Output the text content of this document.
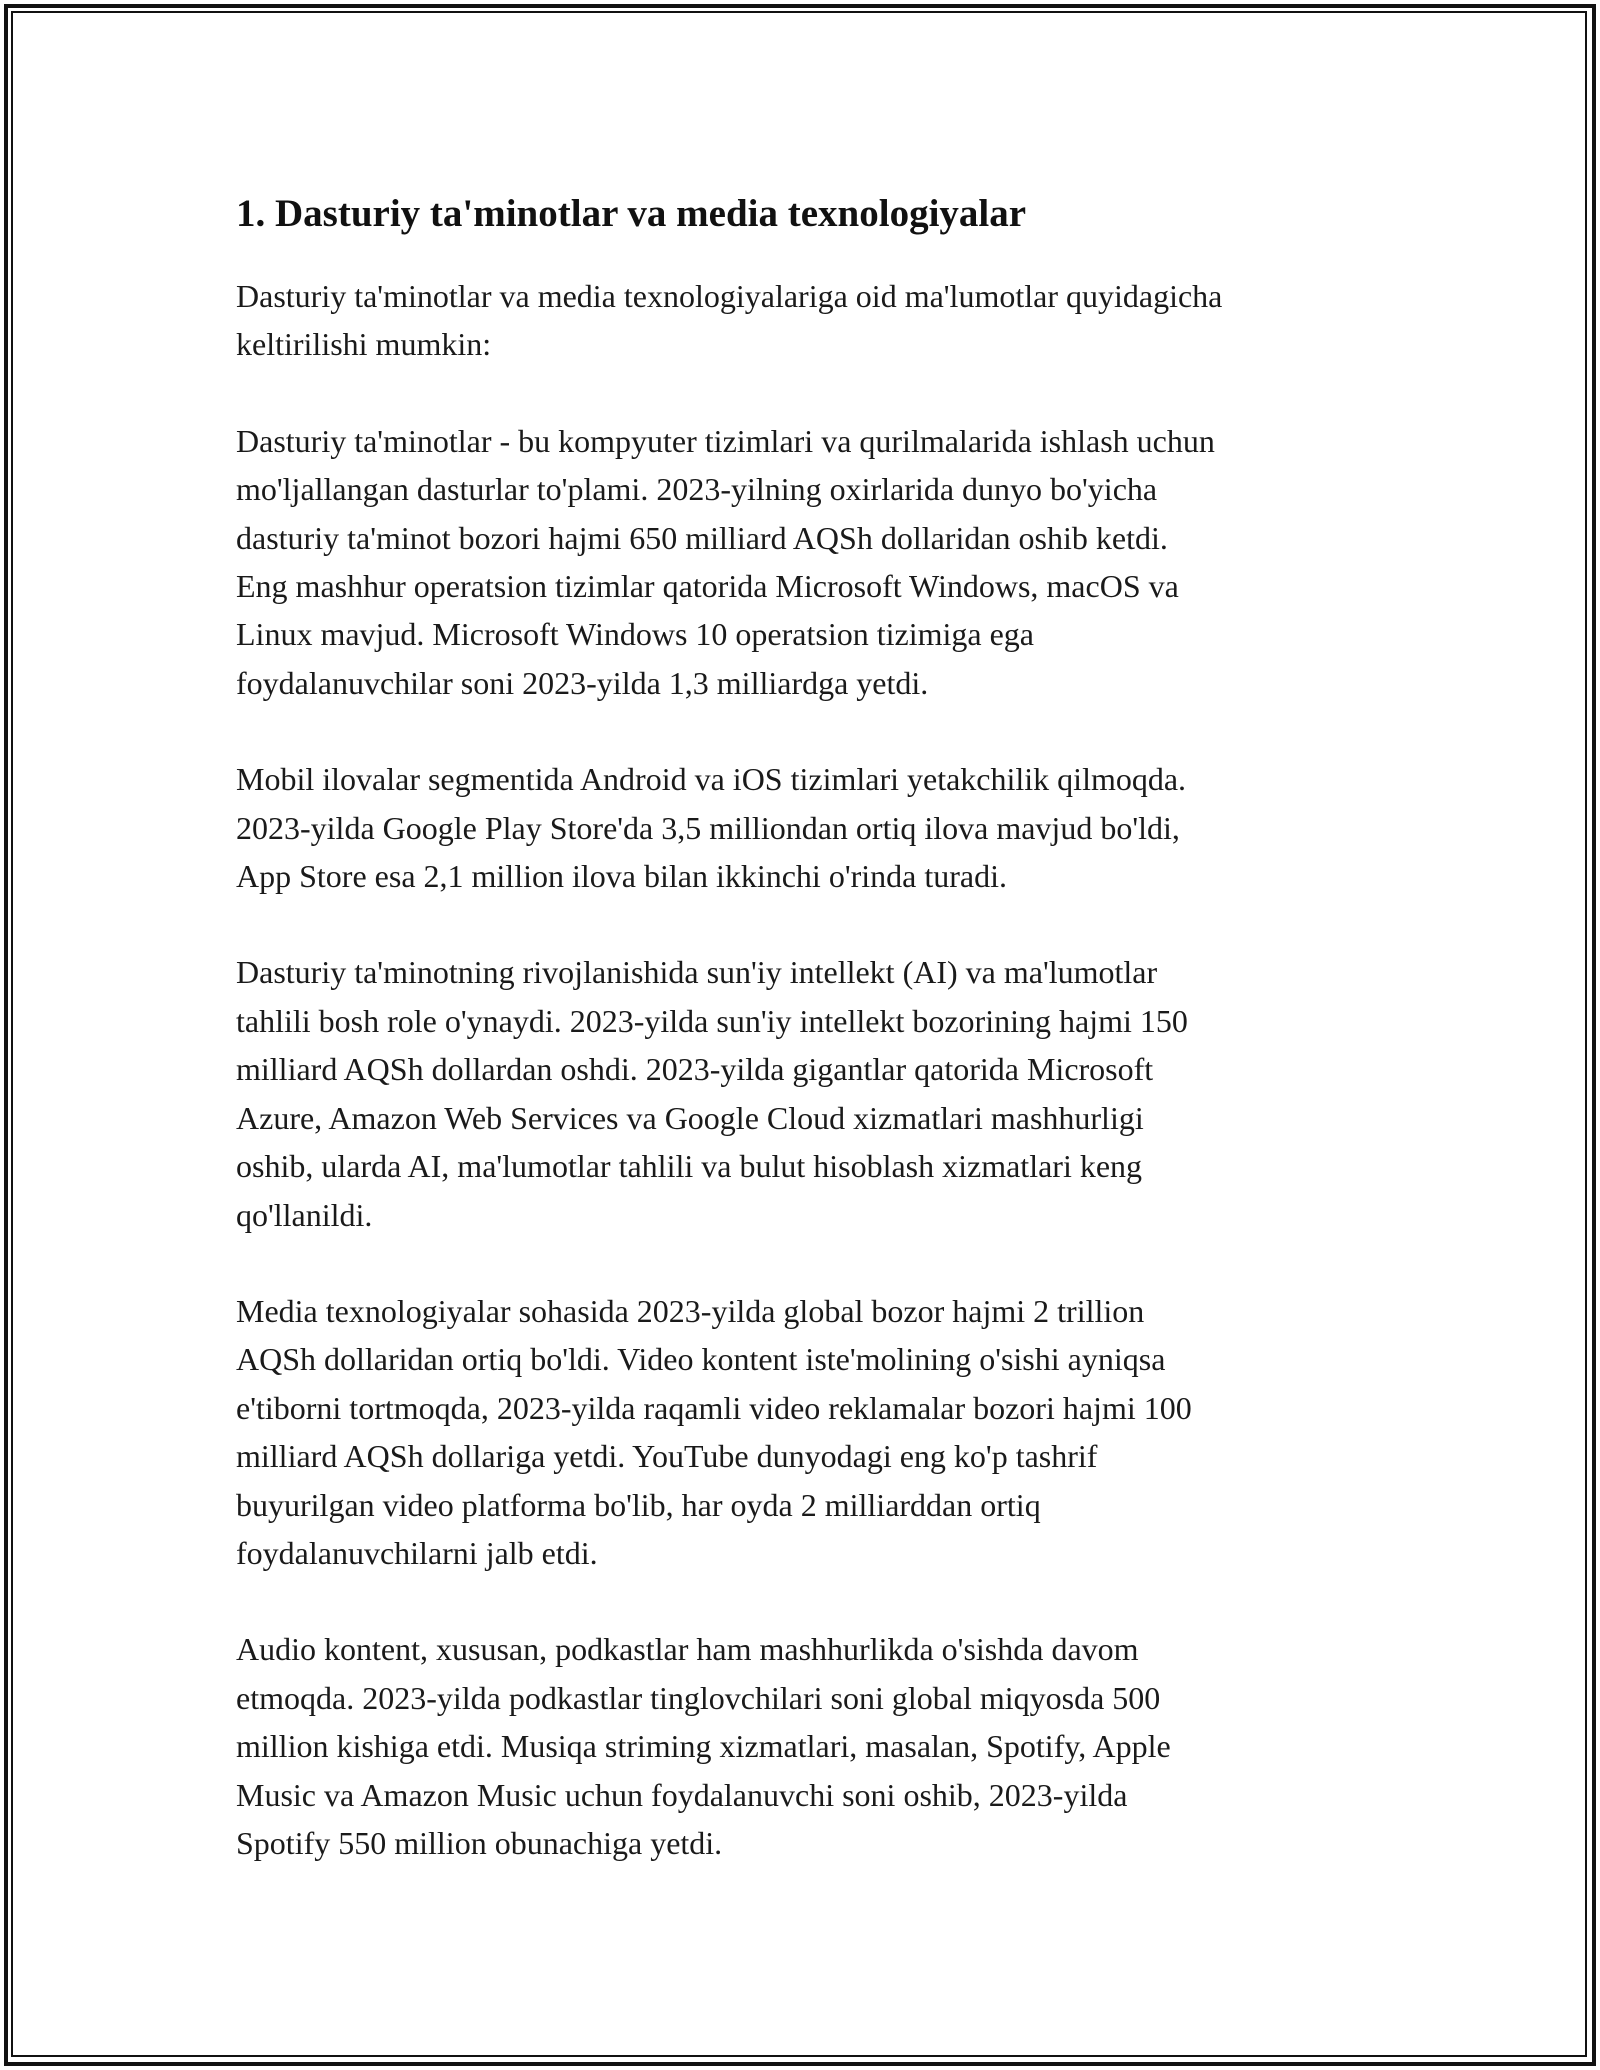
1. Dasturiy ta'minotlar va media texnologiyalar

Dasturiy ta'minotlar va media texnologiyalariga oid ma'lumotlar quyidagicha
keltirilishi mumkin:

Dasturiy ta'minotlar - bu kompyuter tizimlari va qurilmalarida ishlash uchun
mo'ljallangan dasturlar to'plami. 2023-yilning oxirlarida dunyo bo'yicha
dasturiy ta'minot bozori hajmi 650 milliard AQSh dollaridan oshib ketdi.
Eng mashhur operatsion tizimlar qatorida Microsoft Windows, macOS va
Linux mavjud. Microsoft Windows 10 operatsion tizimiga ega
foydalanuvchilar soni 2023-yilda 1,3 milliardga yetdi.

Mobil ilovalar segmentida Android va iOS tizimlari yetakchilik qilmoqda.
2023-yilda Google Play Store'da 3,5 milliondan ortiq ilova mavjud bo'ldi,
App Store esa 2,1 million ilova bilan ikkinchi o'rinda turadi.

Dasturiy ta'minotning rivojlanishida sun'iy intellekt (AI) va ma'lumotlar
tahlili bosh role o'ynaydi. 2023-yilda sun'iy intellekt bozorining hajmi 150
milliard AQSh dollardan oshdi. 2023-yilda gigantlar qatorida Microsoft
Azure, Amazon Web Services va Google Cloud xizmatlari mashhurligi
oshib, ularda AI, ma'lumotlar tahlili va bulut hisoblash xizmatlari keng
qo'llanildi.

Media texnologiyalar sohasida 2023-yilda global bozor hajmi 2 trillion
AQSh dollaridan ortiq bo'ldi. Video kontent iste'molining o'sishi ayniqsa
e'tiborni tortmoqda, 2023-yilda raqamli video reklamalar bozori hajmi 100
milliard AQSh dollariga yetdi. YouTube dunyodagi eng ko'p tashrif
buyurilgan video platforma bo'lib, har oyda 2 milliarddan ortiq
foydalanuvchilarni jalb etdi.

Audio kontent, xususan, podkastlar ham mashhurlikda o'sishda davom
etmoqda. 2023-yilda podkastlar tinglovchilari soni global miqyosda 500
million kishiga etdi. Musiqa striming xizmatlari, masalan, Spotify, Apple
Music va Amazon Music uchun foydalanuvchi soni oshib, 2023-yilda
Spotify 550 million obunachiga yetdi.
